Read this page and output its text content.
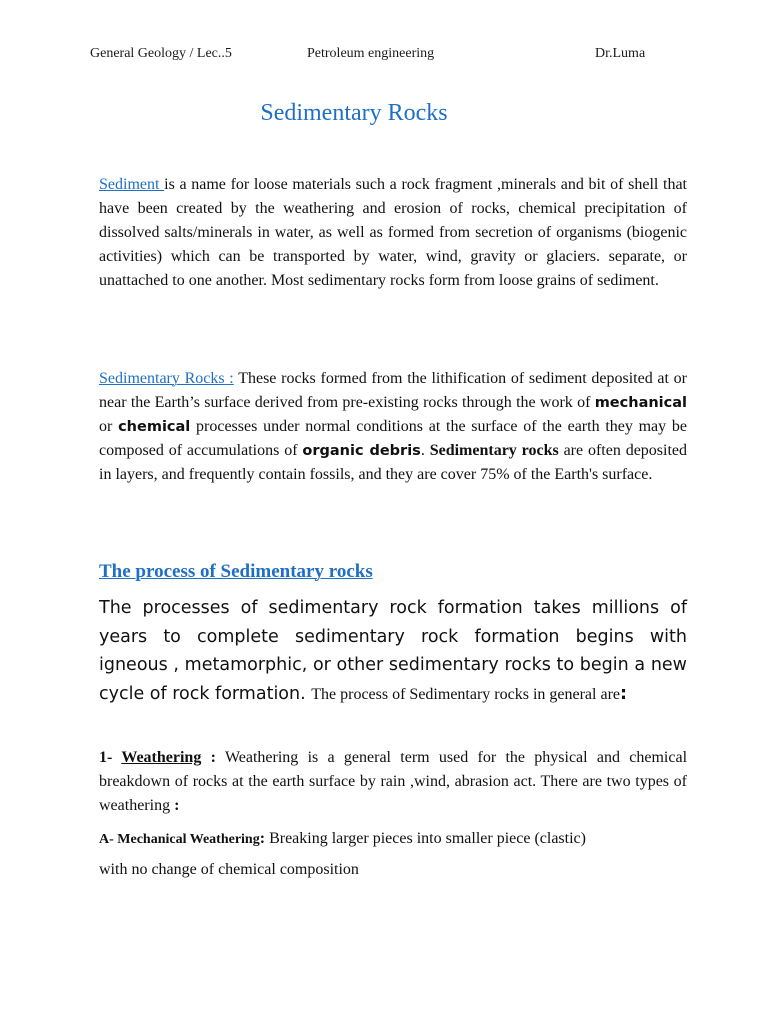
General Geology / Lec..5	Petroleum engineering	Dr.Luma
Sedimentary Rocks

Sediment is a name for loose materials such a rock fragment ,minerals and bit of shell that have been created by the weathering and erosion of rocks, chemical precipitation of dissolved salts/minerals in water, as well as formed from secretion of organisms (biogenic activities) which can be transported by water, wind, gravity or glaciers. separate, or unattached to one another. Most sedimentary rocks form from loose grains of sediment.

Sedimentary Rocks : These rocks formed from the lithification of sediment deposited at or near the Earth’s surface derived from pre-existing rocks through the work of mechanical or chemical processes under normal conditions at the surface of the earth they may be composed of accumulations of organic debris. Sedimentary rocks are often deposited in layers, and frequently contain fossils, and they are cover 75% of the Earth's surface.

The process of Sedimentary rocks

The processes of sedimentary rock formation takes millions of years to complete sedimentary rock formation begins with igneous , metamorphic, or other sedimentary rocks to begin a new cycle of rock formation. The process of Sedimentary rocks in general are:

1- Weathering : Weathering is a general term used for the physical and chemical breakdown of rocks at the earth surface by rain ,wind, abrasion act. There are two types of weathering :

A- Mechanical Weathering: Breaking larger pieces into smaller piece (clastic)

with no change of chemical composition
